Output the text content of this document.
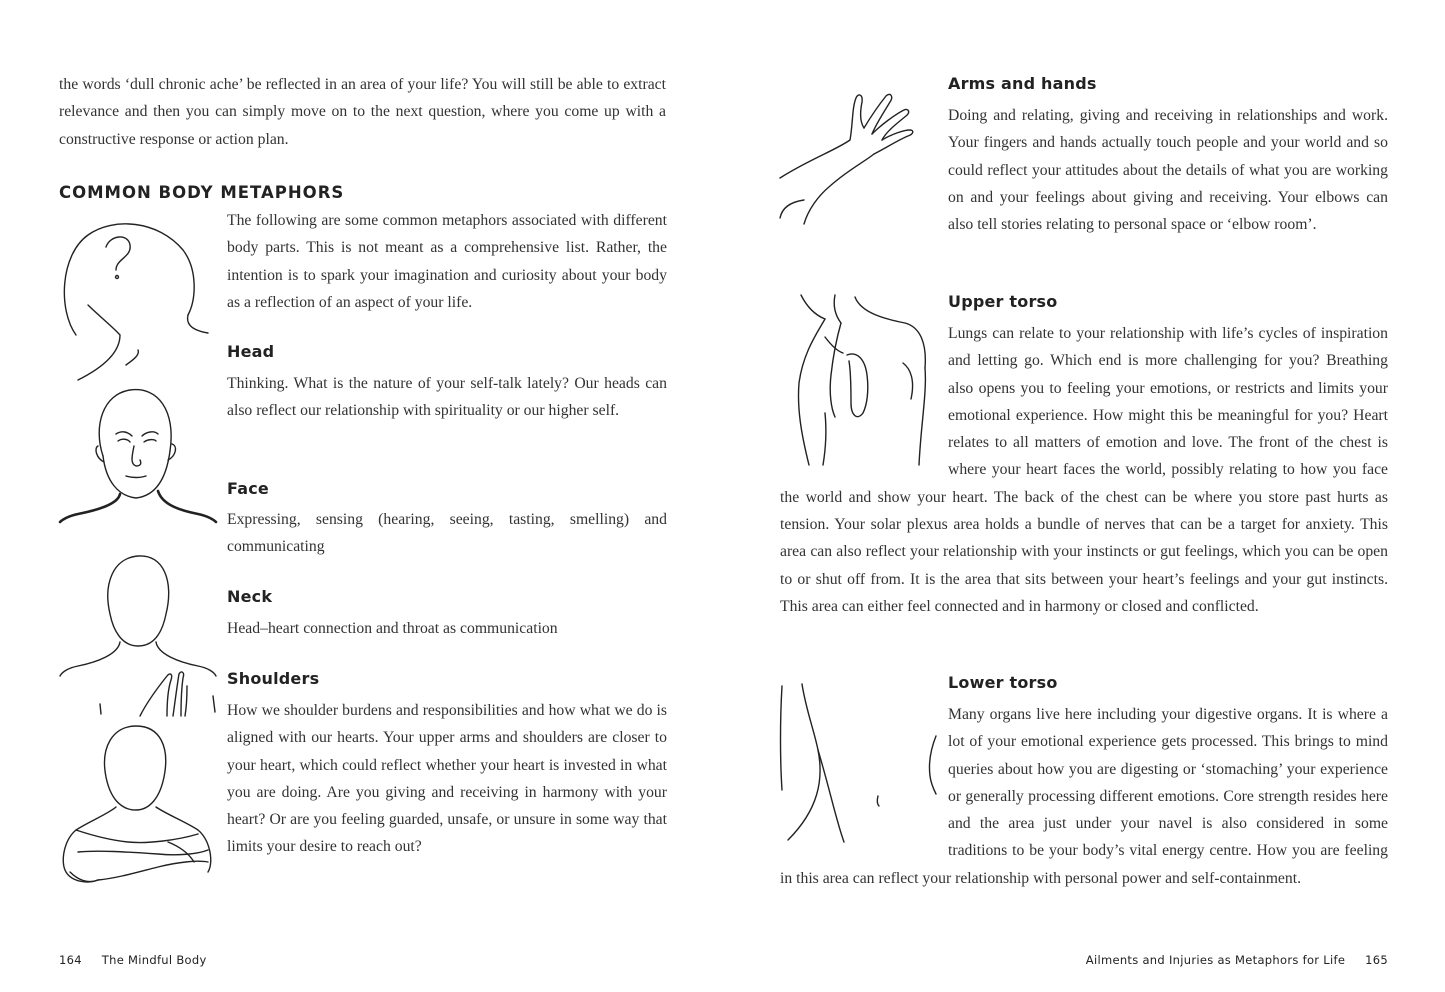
the words ‘dull chronic ache’ be reflected in an area of your life? You will still be able to extract relevance and then you can simply move on to the next question, where you come up with a constructive response or action plan.

COMMON BODY METAPHORS

The following are some common metaphors associated with different body parts. This is not meant as a comprehensive list. Rather, the intention is to spark your imagination and curiosity about your body as a reflection of an aspect of your life.

Head

Thinking. What is the nature of your self-talk lately? Our heads can also reflect our relationship with spirituality or our higher self.

Face

Expressing, sensing (hearing, seeing, tasting, smelling) and communicating

Neck

Head–heart connection and throat as communication

Shoulders

How we shoulder burdens and responsibilities and how what we do is aligned with our hearts. Your upper arms and shoulders are closer to your heart, which could reflect whether your heart is invested in what you are doing. Are you giving and receiving in harmony with your heart? Or are you feeling guarded, unsafe, or unsure in some way that limits your desire to reach out?

164 The Mindful Body
Arms and hands

Doing and relating, giving and receiving in relationships and work. Your fingers and hands actually touch people and your world and so could reflect your attitudes about the details of what you are working on and your feelings about giving and receiving. Your elbows can also tell stories relating to personal space or ‘elbow room’.

Upper torso
Lungs can relate to your relationship with life’s cycles of inspiration and letting go. Which end is more challenging for you? Breathing also opens you to feeling your emotions, or restricts and limits your emotional experience. How might this be meaningful for you? Heart relates to all matters of emotion and love. The front of the chest is where your heart faces the world, possibly relating to how you face the world and show your heart. The back of the chest can be where you store past hurts as tension. Your solar plexus area holds a bundle of nerves that can be a target for anxiety. This area can also reflect your relationship with your instincts or gut feelings, which you can be open to or shut off from. It is the area that sits between your heart’s feelings and your gut instincts. This area can either feel connected and in harmony or closed and conflicted.
Lower torso
Many organs live here including your digestive organs. It is where a lot of your emotional experience gets processed. This brings to mind queries about how you are digesting or ‘stomaching’ your experience or generally processing different emotions. Core strength resides here and the area just under your navel is also considered in some traditions to be your body’s vital energy centre. How you are feeling in this area can reflect your relationship with personal power and self-containment.
Ailments and Injuries as Metaphors for Life 165
